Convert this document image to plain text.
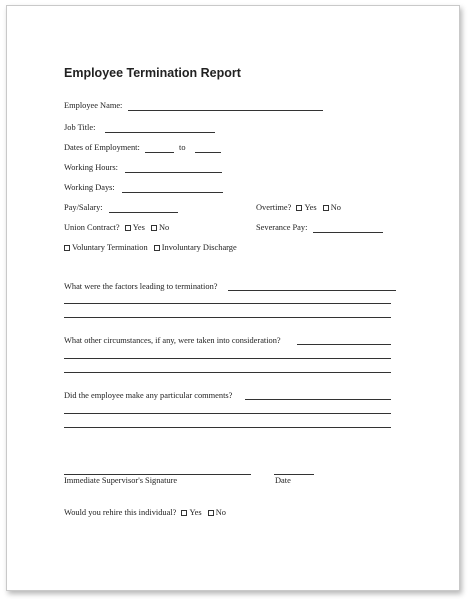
Employee Termination Report
Employee Name:
Job Title:
Dates of Employment:	to
Working Hours:
Working Days:
Pay/Salary:	Overtime? Yes No
Union Contract? Yes No	Severance Pay:
Voluntary Termination Involuntary Discharge
What were the factors leading to termination?
What other circumstances, if any, were taken into consideration?
Did the employee make any particular comments?
Immediate Supervisor's Signature	Date
Would you rehire this individual? Yes No
